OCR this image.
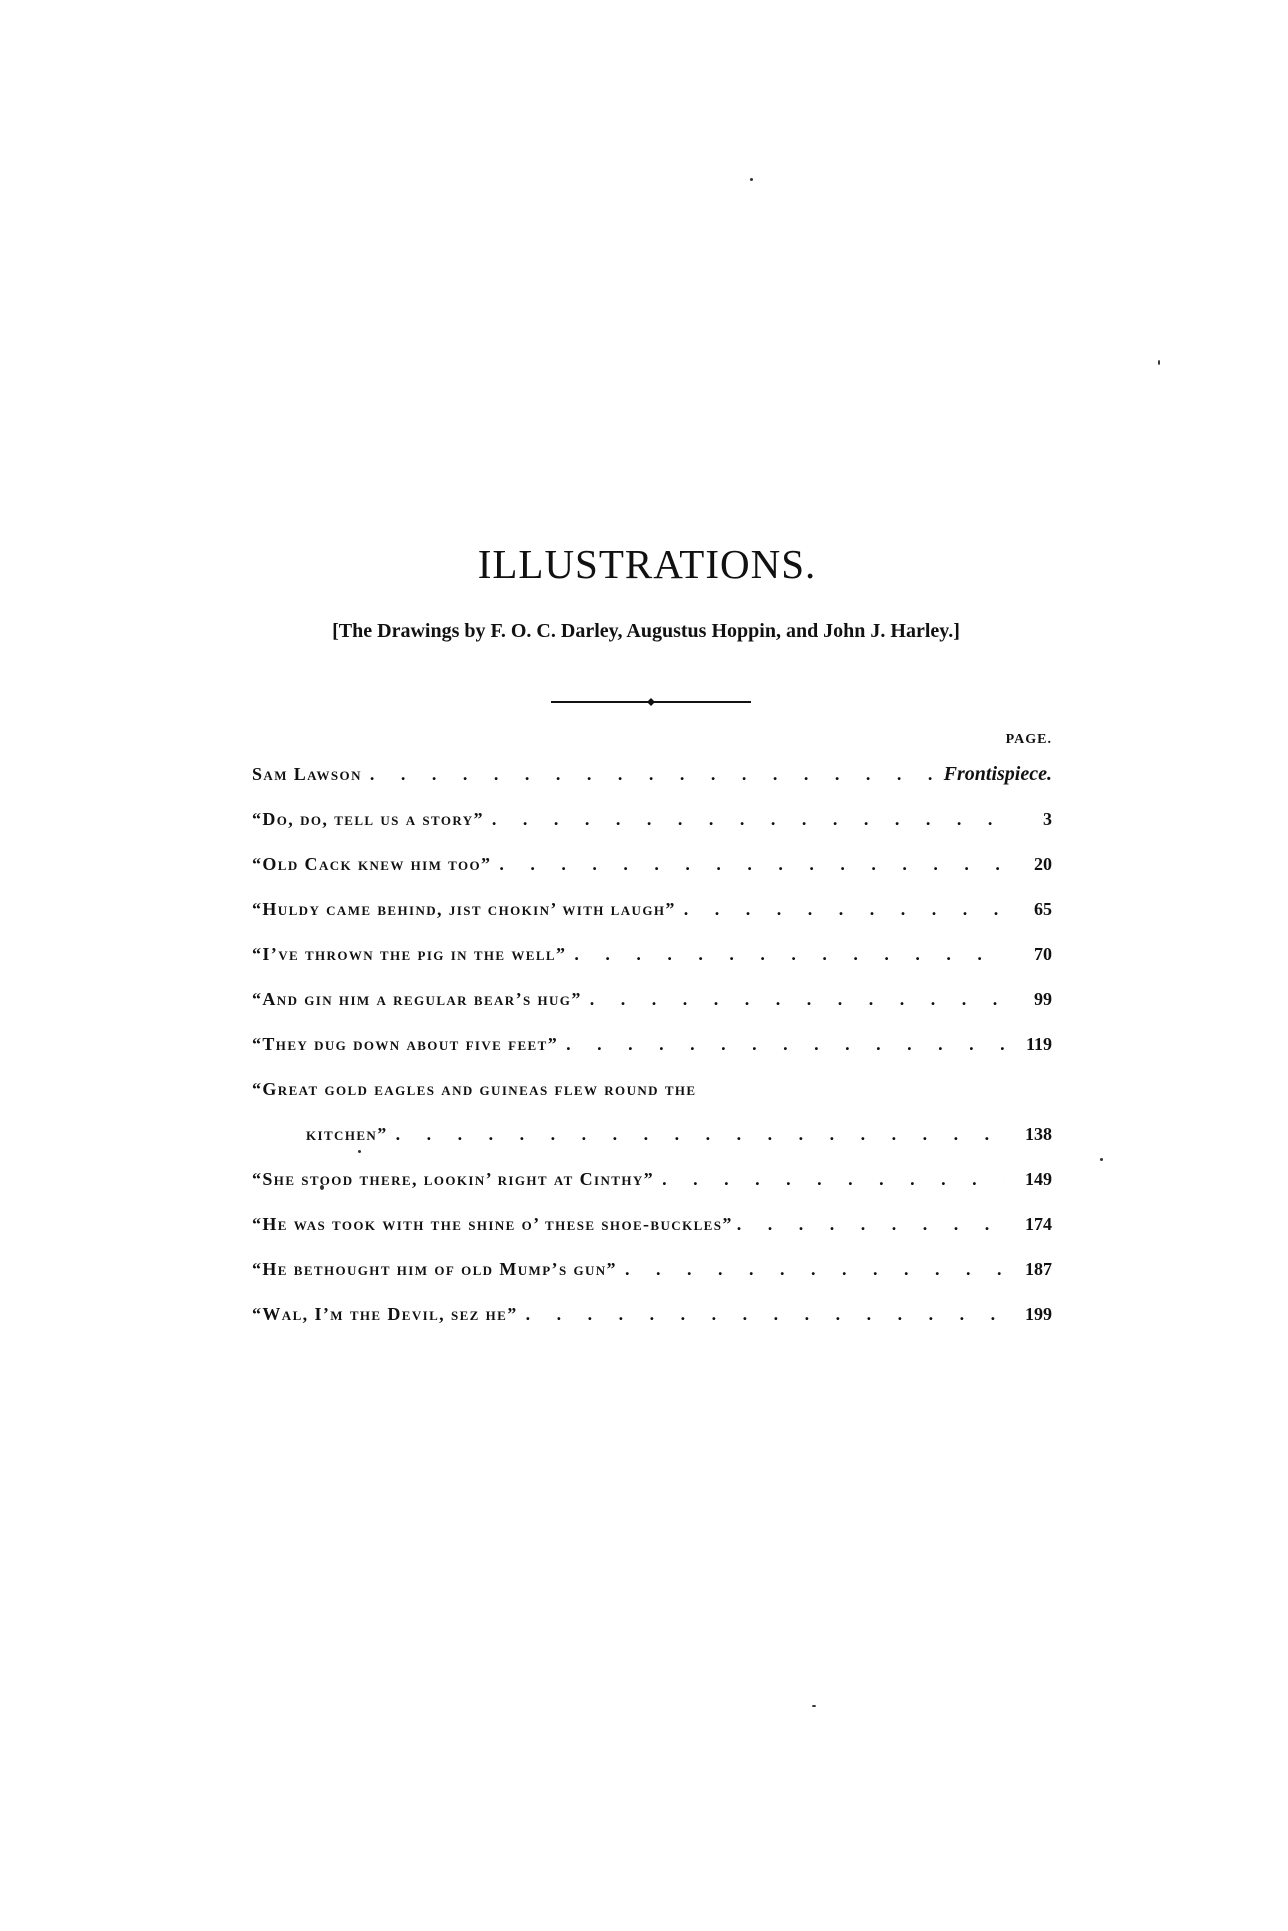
ILLUSTRATIONS.
[The Drawings by F. O. C. Darley, Augustus Hoppin, and John J. Harley.]
PAGE.
Sam Lawson . . .	Frontispiece.
“Do, do, tell us a story” . . .	3
“Old Cack knew him too” . . .	20
“Huldy came behind, jist chokin’ with laugh” . . .	65
“I’ve thrown the pig in the well” . . .	70
“And gin him a regular bear’s hug” . . .	99
“They dug down about five feet” . . .	119
“Great gold eagles and guineas flew round the
kitchen” . . .	138
“She stood there, lookin’ right at Cinthy” . . .	149
“He was took with the shine o’ these shoe-buckles” . . .	174
“He bethought him of old Mump’s gun” . . .	187
“Wal, I’m the Devil, sez he” . . .	199
